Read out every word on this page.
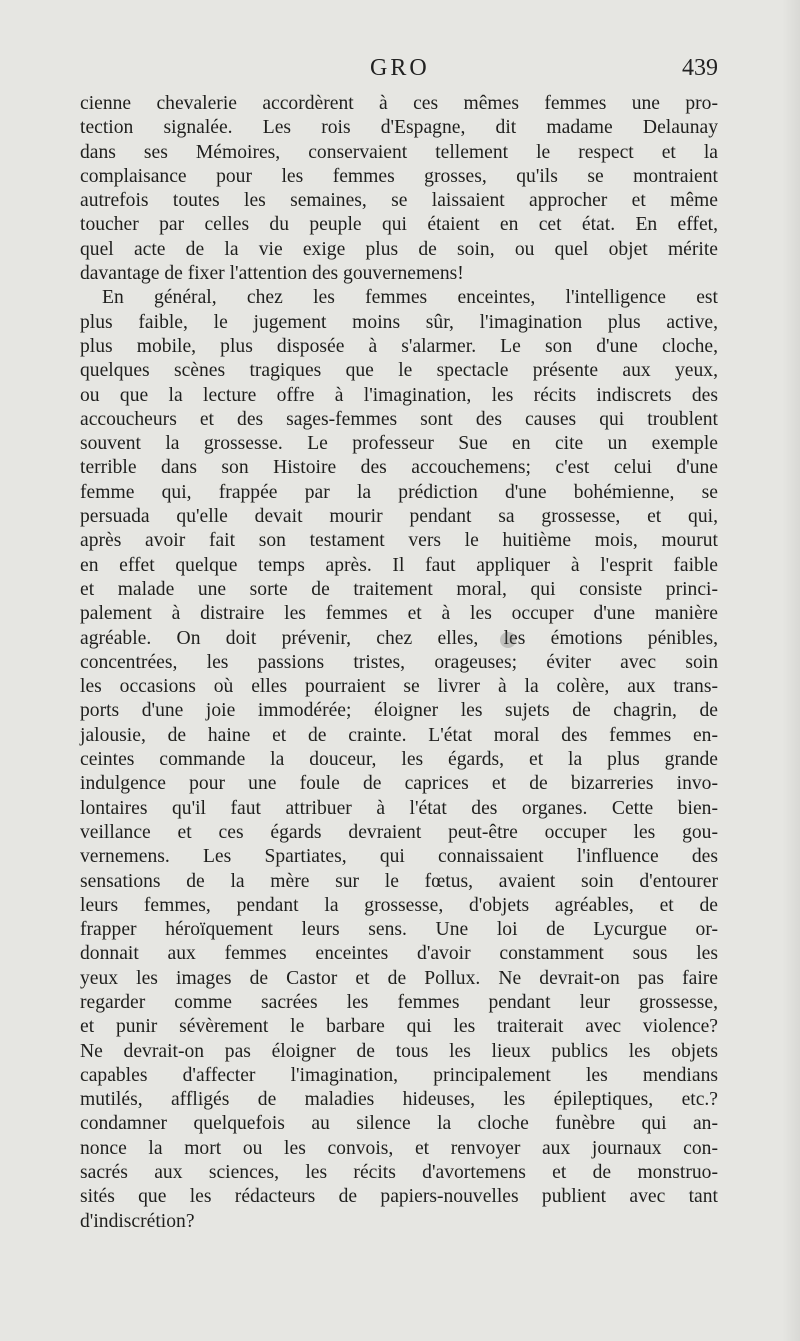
GRO	439
cienne chevalerie accordèrent à ces mêmes femmes une pro-
tection signalée. Les rois d'Espagne, dit madame Delaunay
dans ses Mémoires, conservaient tellement le respect et la
complaisance pour les femmes grosses, qu'ils se montraient
autrefois toutes les semaines, se laissaient approcher et même
toucher par celles du peuple qui étaient en cet état. En effet,
quel acte de la vie exige plus de soin, ou quel objet mérite
davantage de fixer l'attention des gouvernemens!
En général, chez les femmes enceintes, l'intelligence est
plus faible, le jugement moins sûr, l'imagination plus active,
plus mobile, plus disposée à s'alarmer. Le son d'une cloche,
quelques scènes tragiques que le spectacle présente aux yeux,
ou que la lecture offre à l'imagination, les récits indiscrets des
accoucheurs et des sages-femmes sont des causes qui troublent
souvent la grossesse. Le professeur Sue en cite un exemple
terrible dans son Histoire des accouchemens; c'est celui d'une
femme qui, frappée par la prédiction d'une bohémienne, se
persuada qu'elle devait mourir pendant sa grossesse, et qui,
après avoir fait son testament vers le huitième mois, mourut
en effet quelque temps après. Il faut appliquer à l'esprit faible
et malade une sorte de traitement moral, qui consiste princi-
palement à distraire les femmes et à les occuper d'une manière
agréable. On doit prévenir, chez elles, les émotions pénibles,
concentrées, les passions tristes, orageuses; éviter avec soin
les occasions où elles pourraient se livrer à la colère, aux trans-
ports d'une joie immodérée; éloigner les sujets de chagrin, de
jalousie, de haine et de crainte. L'état moral des femmes en-
ceintes commande la douceur, les égards, et la plus grande
indulgence pour une foule de caprices et de bizarreries invo-
lontaires qu'il faut attribuer à l'état des organes. Cette bien-
veillance et ces égards devraient peut-être occuper les gou-
vernemens. Les Spartiates, qui connaissaient l'influence des
sensations de la mère sur le fœtus, avaient soin d'entourer
leurs femmes, pendant la grossesse, d'objets agréables, et de
frapper héroïquement leurs sens. Une loi de Lycurgue or-
donnait aux femmes enceintes d'avoir constamment sous les
yeux les images de Castor et de Pollux. Ne devrait-on pas faire
regarder comme sacrées les femmes pendant leur grossesse,
et punir sévèrement le barbare qui les traiterait avec violence?
Ne devrait-on pas éloigner de tous les lieux publics les objets
capables d'affecter l'imagination, principalement les mendians
mutilés, affligés de maladies hideuses, les épileptiques, etc.?
condamner quelquefois au silence la cloche funèbre qui an-
nonce la mort ou les convois, et renvoyer aux journaux con-
sacrés aux sciences, les récits d'avortemens et de monstruo-
sités que les rédacteurs de papiers-nouvelles publient avec tant
d'indiscrétion?
